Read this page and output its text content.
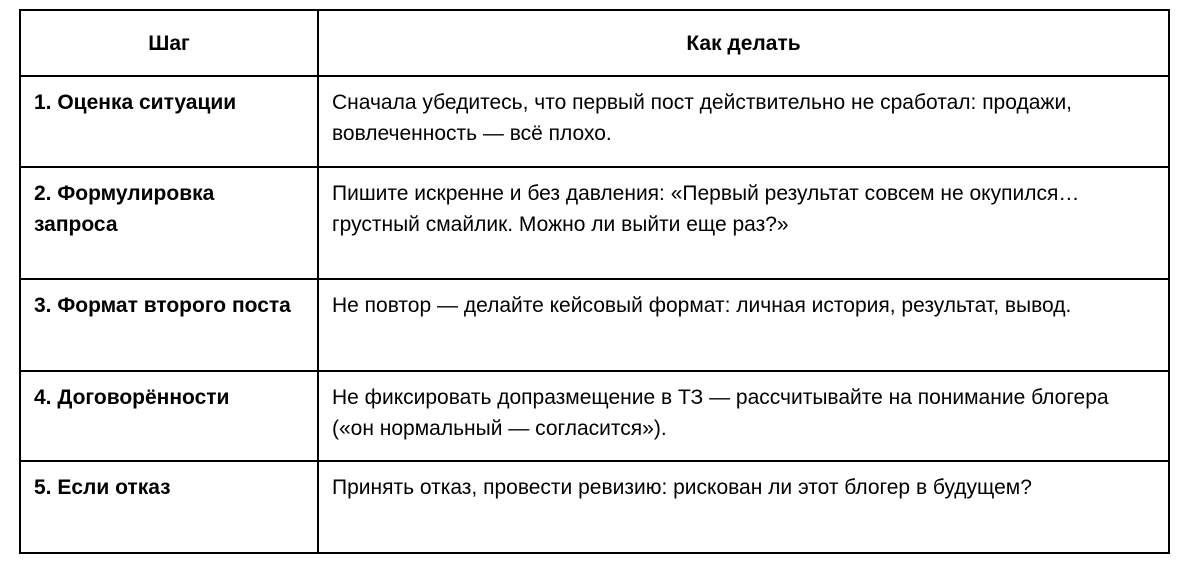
Шаг	Как делать
1. Оценка ситуации	Сначала убедитесь, что первый пост действительно не сработал: продажи, вовлеченность — всё плохо.
2. Формулировка запроса	Пишите искренне и без давления: «Первый результат совсем не окупился… грустный смайлик. Можно ли выйти еще раз?»
3. Формат второго поста	Не повтор — делайте кейсовый формат: личная история, результат, вывод.
4. Договорённости	Не фиксировать допразмещение в ТЗ — рассчитывайте на понимание блогера («он нормальный — согласится»).
5. Если отказ	Принять отказ, провести ревизию: рискован ли этот блогер в будущем?
